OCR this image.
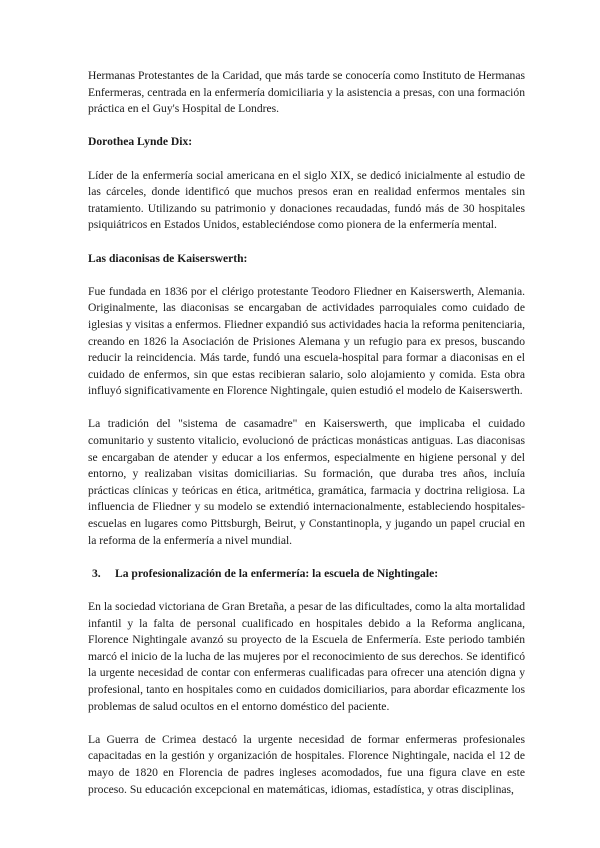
Hermanas Protestantes de la Caridad, que más tarde se conocería como Instituto de Hermanas Enfermeras, centrada en la enfermería domiciliaria y la asistencia a presas, con una formación práctica en el Guy's Hospital de Londres.

Dorothea Lynde Dix:

Líder de la enfermería social americana en el siglo XIX, se dedicó inicialmente al estudio de las cárceles, donde identificó que muchos presos eran en realidad enfermos mentales sin tratamiento. Utilizando su patrimonio y donaciones recaudadas, fundó más de 30 hospitales psiquiátricos en Estados Unidos, estableciéndose como pionera de la enfermería mental.

Las diaconisas de Kaiserswerth:

Fue fundada en 1836 por el clérigo protestante Teodoro Fliedner en Kaiserswerth, Alemania. Originalmente, las diaconisas se encargaban de actividades parroquiales como cuidado de iglesias y visitas a enfermos. Fliedner expandió sus actividades hacia la reforma penitenciaria, creando en 1826 la Asociación de Prisiones Alemana y un refugio para ex presos, buscando reducir la reincidencia. Más tarde, fundó una escuela-hospital para formar a diaconisas en el cuidado de enfermos, sin que estas recibieran salario, solo alojamiento y comida. Esta obra influyó significativamente en Florence Nightingale, quien estudió el modelo de Kaiserswerth.

La tradición del "sistema de casamadre" en Kaiserswerth, que implicaba el cuidado comunitario y sustento vitalicio, evolucionó de prácticas monásticas antiguas. Las diaconisas se encargaban de atender y educar a los enfermos, especialmente en higiene personal y del entorno, y realizaban visitas domiciliarias. Su formación, que duraba tres años, incluía prácticas clínicas y teóricas en ética, aritmética, gramática, farmacia y doctrina religiosa. La influencia de Fliedner y su modelo se extendió internacionalmente, estableciendo hospitales-escuelas en lugares como Pittsburgh, Beirut, y Constantinopla, y jugando un papel crucial en la reforma de la enfermería a nivel mundial.

3. La profesionalización de la enfermería: la escuela de Nightingale:

En la sociedad victoriana de Gran Bretaña, a pesar de las dificultades, como la alta mortalidad infantil y la falta de personal cualificado en hospitales debido a la Reforma anglicana, Florence Nightingale avanzó su proyecto de la Escuela de Enfermería. Este periodo también marcó el inicio de la lucha de las mujeres por el reconocimiento de sus derechos. Se identificó la urgente necesidad de contar con enfermeras cualificadas para ofrecer una atención digna y profesional, tanto en hospitales como en cuidados domiciliarios, para abordar eficazmente los problemas de salud ocultos en el entorno doméstico del paciente.

La Guerra de Crimea destacó la urgente necesidad de formar enfermeras profesionales capacitadas en la gestión y organización de hospitales. Florence Nightingale, nacida el 12 de mayo de 1820 en Florencia de padres ingleses acomodados, fue una figura clave en este proceso. Su educación excepcional en matemáticas, idiomas, estadística, y otras disciplinas,
